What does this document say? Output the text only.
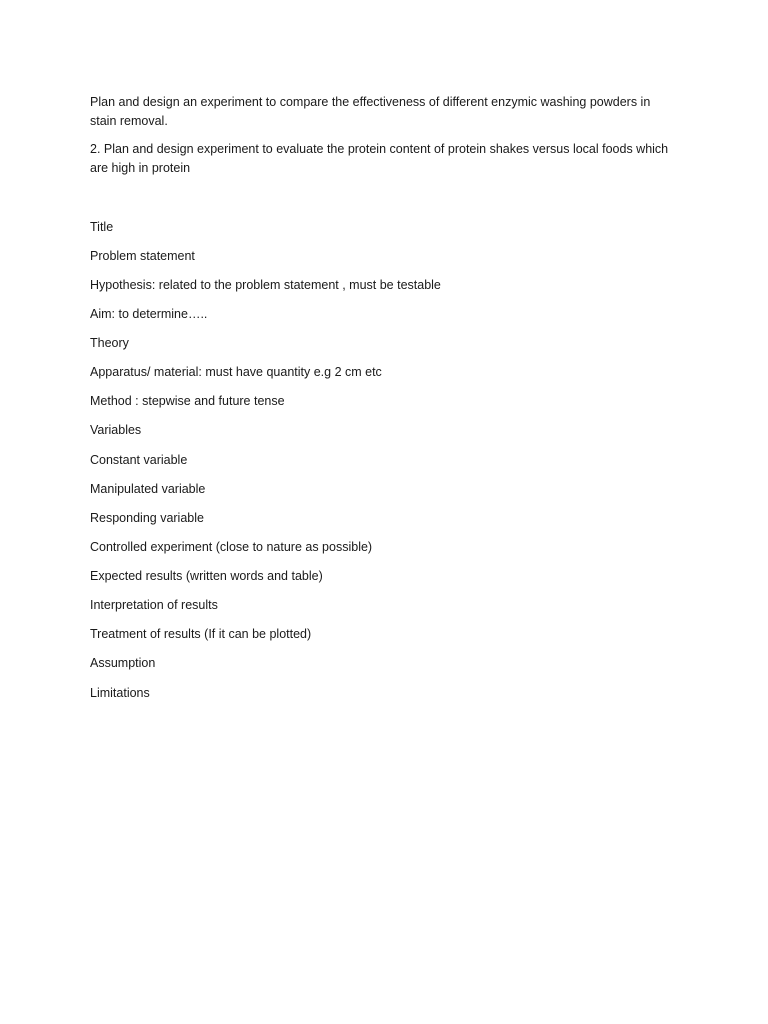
Plan and design an experiment to compare the effectiveness of different enzymic washing powders in stain removal.

2. Plan and design experiment to evaluate the protein content of protein shakes versus local foods which are high in protein

Title

Problem statement

Hypothesis: related to the problem statement , must be testable

Aim: to determine…..

Theory

Apparatus/ material: must have quantity e.g 2 cm etc

Method : stepwise and future tense

Variables

Constant variable

Manipulated variable

Responding variable

Controlled experiment (close to nature as possible)

Expected results (written words and table)

Interpretation of results

Treatment of results (If it can be plotted)

Assumption

Limitations
